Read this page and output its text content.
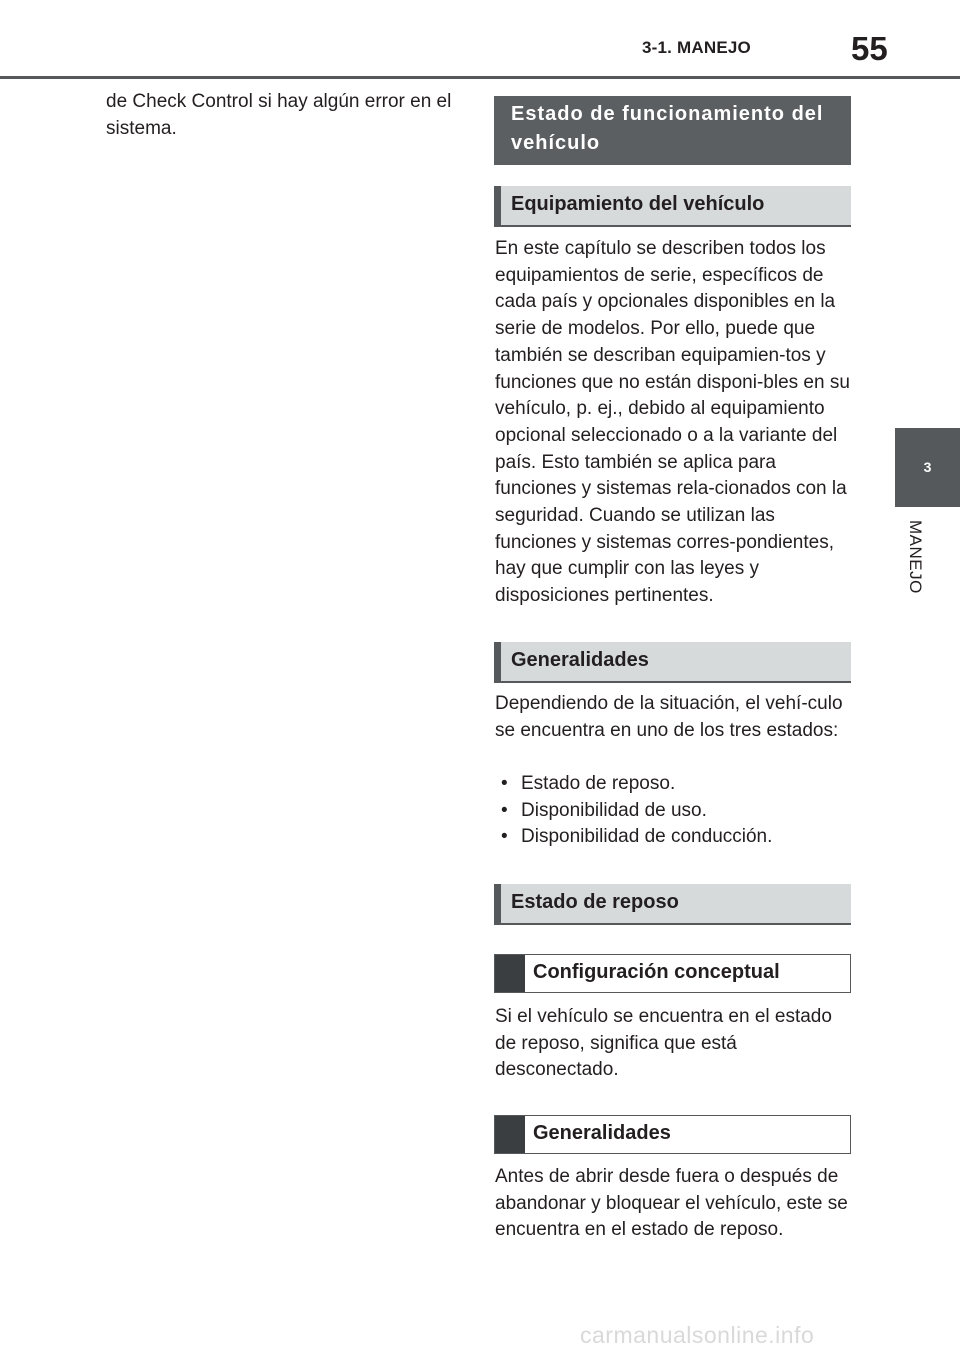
3-1. MANEJO	55
3
MANEJO

de Check Control si hay algún error en el sistema.

Estado de funcionamiento del vehículo
Equipamiento del vehículo

En este capítulo se describen todos los equipamientos de serie, específicos de cada país y opcionales disponibles en la serie de modelos. Por ello, puede que también se describan equipamien-tos y funciones que no están disponi-bles en su vehículo, p. ej., debido al equipamiento opcional seleccionado o a la variante del país. Esto también se aplica para funciones y sistemas rela-cionados con la seguridad. Cuando se utilizan las funciones y sistemas corres-pondientes, hay que cumplir con las leyes y disposiciones pertinentes.

Generalidades

Dependiendo de la situación, el vehí-culo se encuentra en uno de los tres estados:

• Estado de reposo.
• Disponibilidad de uso.
• Disponibilidad de conducción.
Estado de reposo
Configuración conceptual

Si el vehículo se encuentra en el estado de reposo, significa que está desconectado.

Generalidades

Antes de abrir desde fuera o después de abandonar y bloquear el vehículo, este se encuentra en el estado de reposo.

carmanualsonline.info
